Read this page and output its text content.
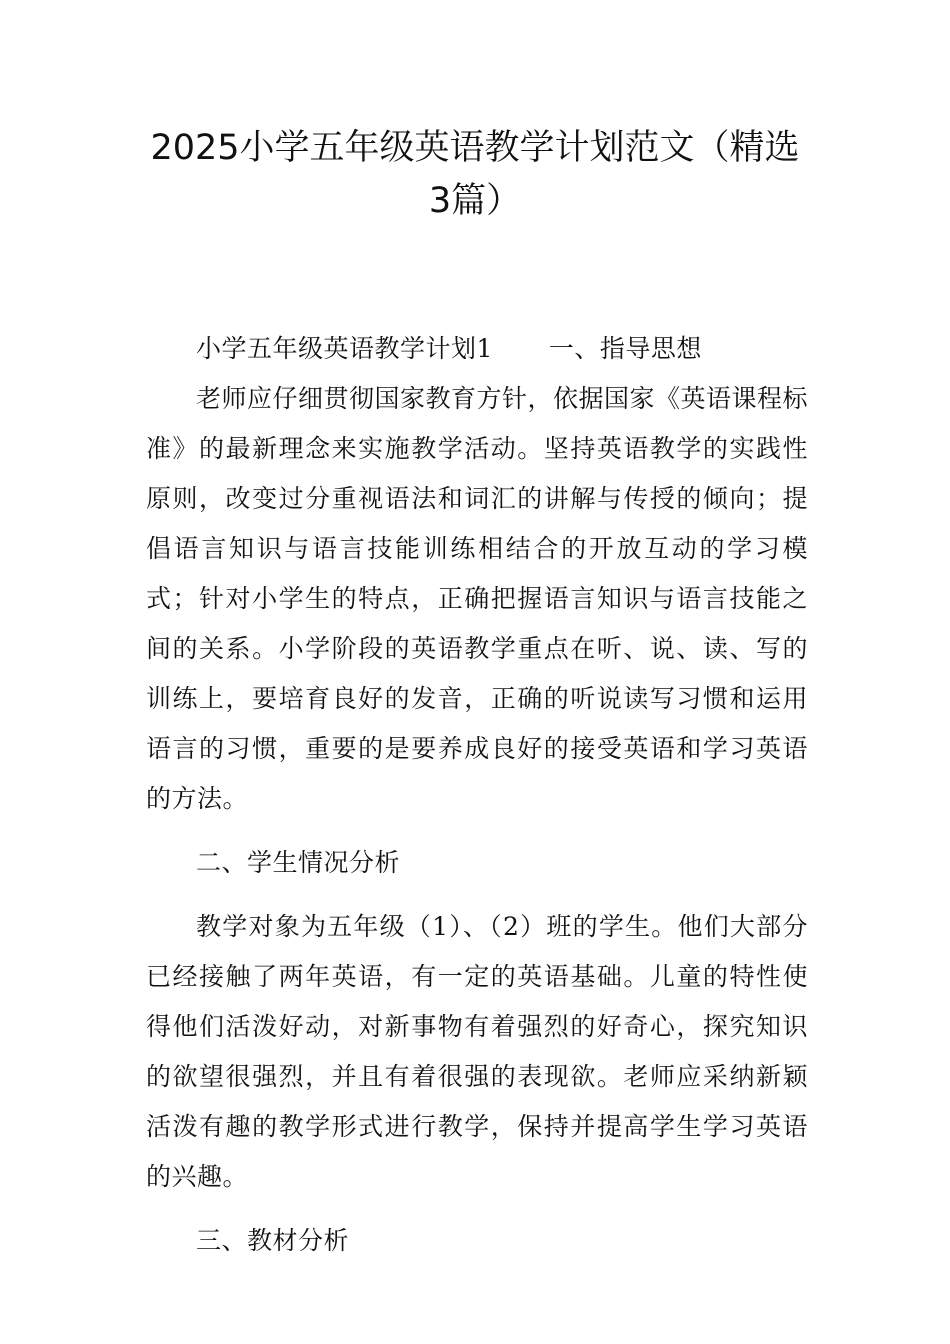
2025小学五年级英语教学计划范文（精选3篇）

小学五年级英语教学计划1 一、指导思想

老师应仔细贯彻国家教育方针，依据国家《英语课程标准》的最新理念来实施教学活动。坚持英语教学的实践性原则，改变过分重视语法和词汇的讲解与传授的倾向；提倡语言知识与语言技能训练相结合的开放互动的学习模式；针对小学生的特点，正确把握语言知识与语言技能之间的关系。小学阶段的英语教学重点在听、说、读、写的训练上，要培育良好的发音，正确的听说读写习惯和运用语言的习惯，重要的是要养成良好的接受英语和学习英语的方法。

二、学生情况分析

教学对象为五年级（1）、（2）班的学生。他们大部分已经接触了两年英语，有一定的英语基础。儿童的特性使得他们活泼好动，对新事物有着强烈的好奇心，探究知识的欲望很强烈，并且有着很强的表现欲。老师应采纳新颖活泼有趣的教学形式进行教学，保持并提高学生学习英语的兴趣。

三、教材分析
